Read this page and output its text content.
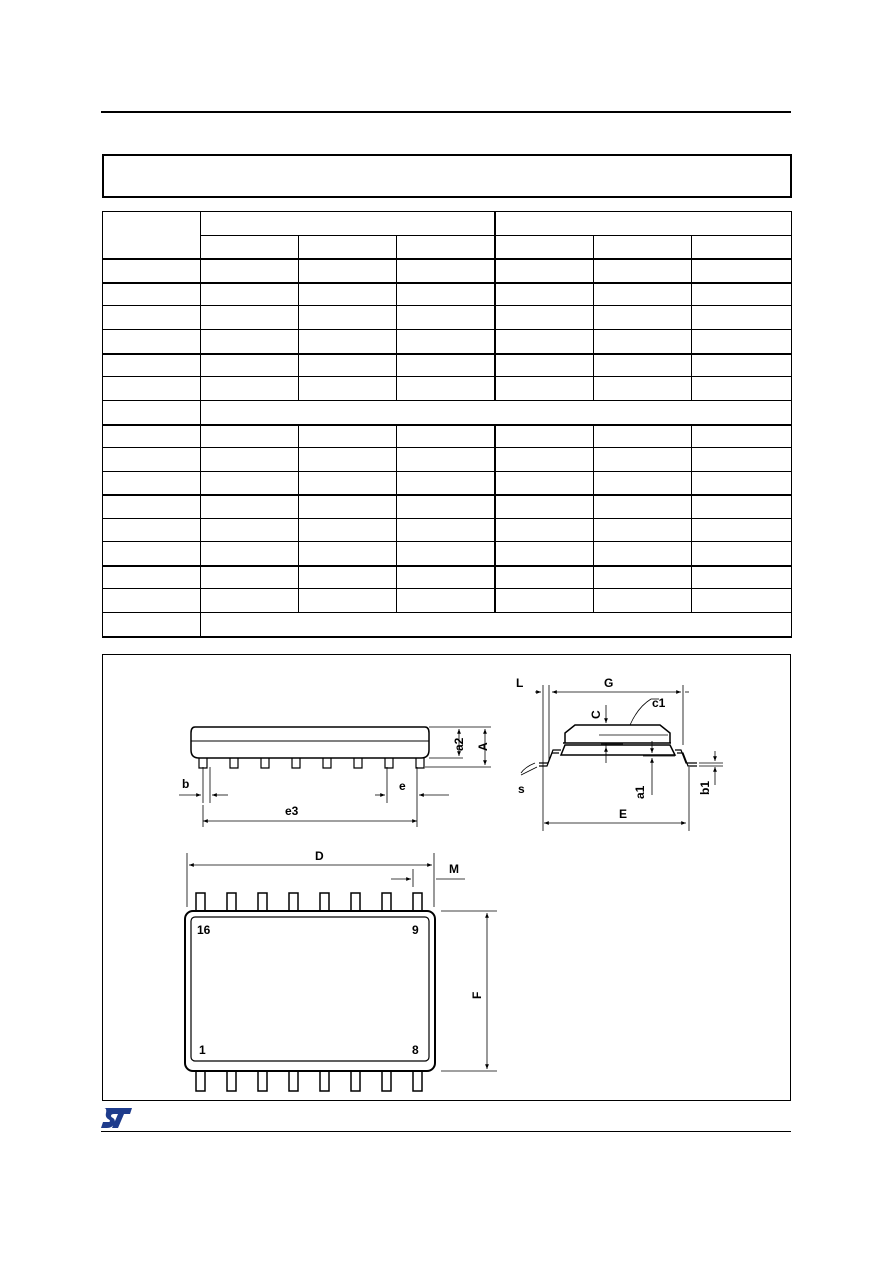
b	e
e3
a2 A
L	G
c1
C
s	a1	b1
E
D
M
F
16	9
1	8
